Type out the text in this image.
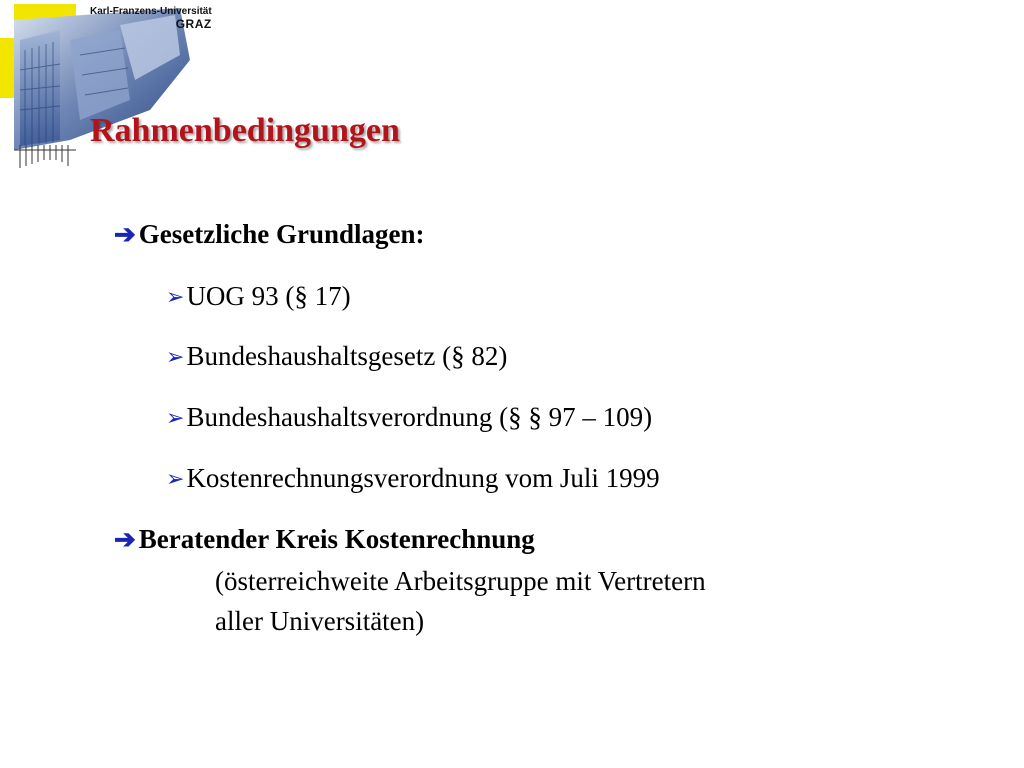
Karl-Franzens-Universität
GRAZ
Rahmenbedingungen
➔ Gesetzliche Grundlagen:
➢UOG 93 (§ 17)
➢Bundeshaushaltsgesetz (§ 82)
➢Bundeshaushaltsverordnung (§ § 97 – 109)
➢Kostenrechnungsverordnung vom Juli 1999
➔ Beratender Kreis Kostenrechnung
(österreichweite Arbeitsgruppe mit Vertretern
aller Universitäten)
